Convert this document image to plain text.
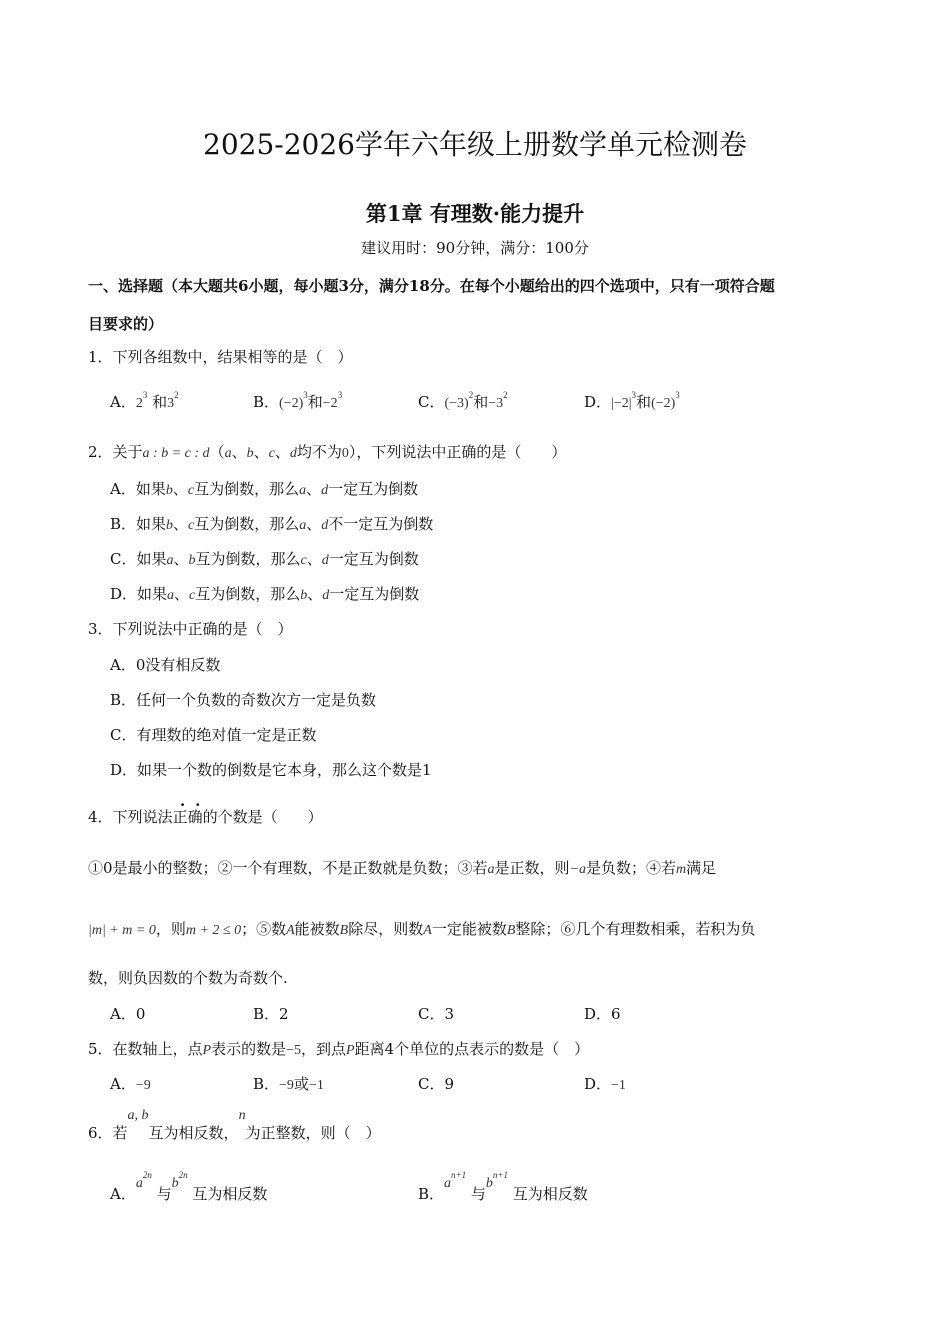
2025-2026学年六年级上册数学单元检测卷
第1章 有理数·能力提升
建议用时：90分钟，满分：100分
一、选择题（本大题共6小题，每小题3分，满分18分。在每个小题给出的四个选项中，只有一项符合题
目要求的）
1．下列各组数中，结果相等的是（　）
A．$2^3$ 和$3^2$	B．$(-2)^3$和$-2^3$	C．$(-3)^2$和$-3^2$	D．$|-2|^3$和$(-2)^3$
2．关于a : b = c : d（a、b、c、d均不为0），下列说法中正确的是（　　）
A．如果b、c互为倒数，那么a、d一定互为倒数
B．如果b、c互为倒数，那么a、d不一定互为倒数
C．如果a、b互为倒数，那么c、d一定互为倒数
D．如果a、c互为倒数，那么b、d一定互为倒数
3．下列说法中正确的是（　）
A．0没有相反数
B．任何一个负数的奇数次方一定是负数
C．有理数的绝对值一定是正数
D．如果一个数的倒数是它本身，那么这个数是1
4．下列说法正确的个数是（　　）
①0是最小的整数；②一个有理数，不是正数就是负数；③若a是正数，则−a是负数；④若m满足
|m| + m = 0，则m + 2 ≤ 0；⑤数A能被数B除尽，则数A一定能被数B整除；⑥几个有理数相乘，若积为负
数，则负因数的个数为奇数个.
A．0	B．2	C．3	D．6
5．在数轴上，点P表示的数是−5，到点P距离4个单位的点表示的数是（　）
A．−9	B．−9或−1	C．9	D．−1
6．若a, b互为相反数，n为正整数，则（　）
A．$a^{2n}$ 与$b^{2n}$ 互为相反数	B．$a^{n+1}$ 与$b^{n+1}$ 互为相反数
